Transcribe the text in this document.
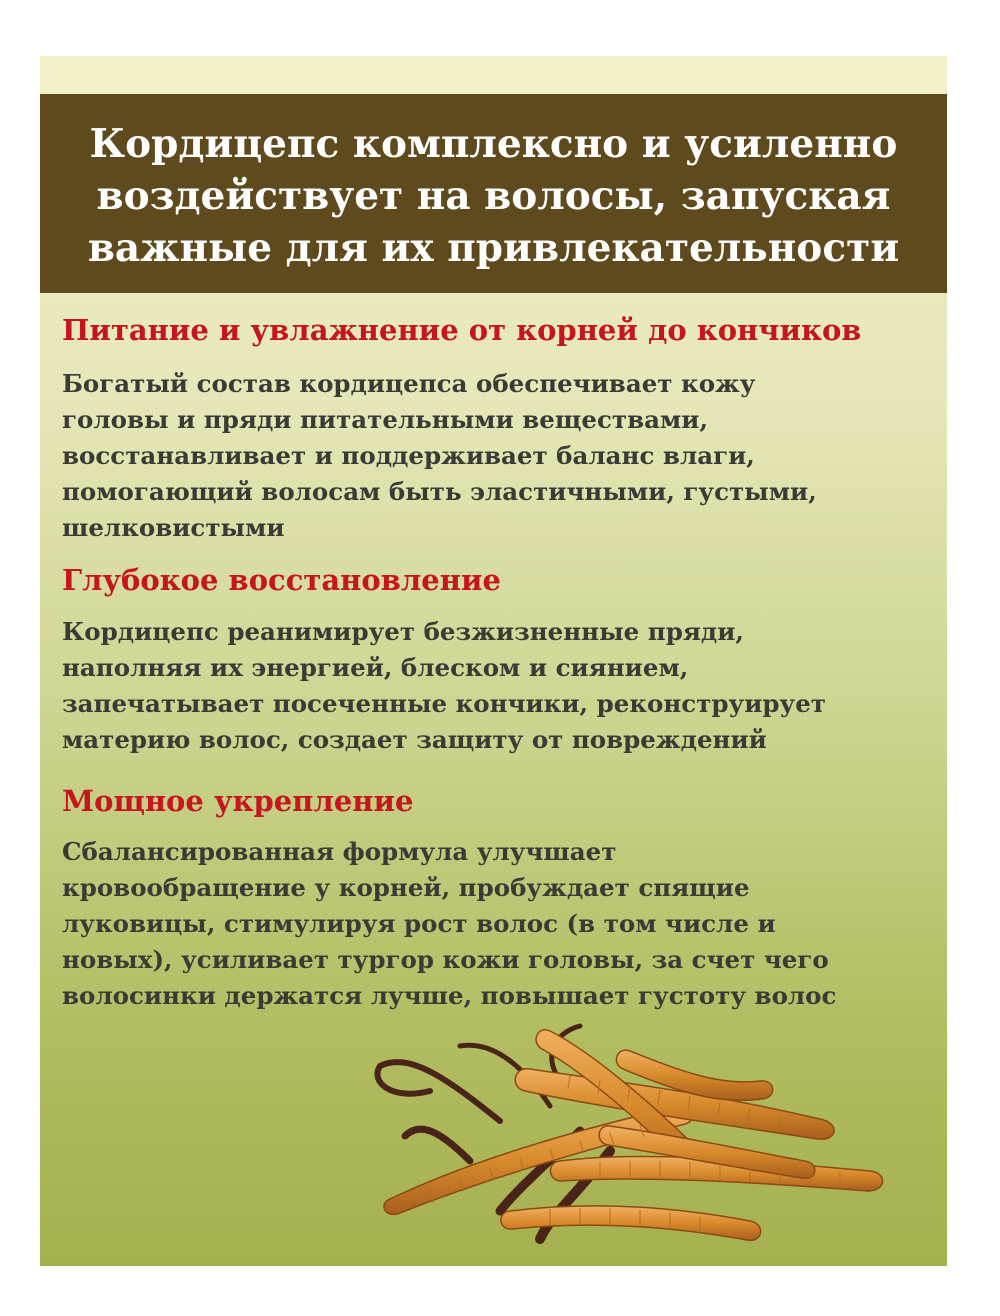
Кордицепс комплексно и усиленно
воздействует на волосы, запуская
важные для их привлекательности
Питание и увлажнение от корней до кончиков

Богатый состав кордицепса обеспечивает кожу
головы и пряди питательными веществами,
восстанавливает и поддерживает баланс влаги,
помогающий волосам быть эластичными, густыми,
шелковистыми

Глубокое восстановление

Кордицепс реанимирует безжизненные пряди,
наполняя их энергией, блеском и сиянием,
запечатывает посеченные кончики, реконструирует
материю волос, создает защиту от повреждений

Мощное укрепление

Сбалансированная формула улучшает
кровообращение у корней, пробуждает спящие
луковицы, стимулируя рост волос (в том числе и
новых), усиливает тургор кожи головы, за счет чего
волосинки держатся лучше, повышает густоту волос
